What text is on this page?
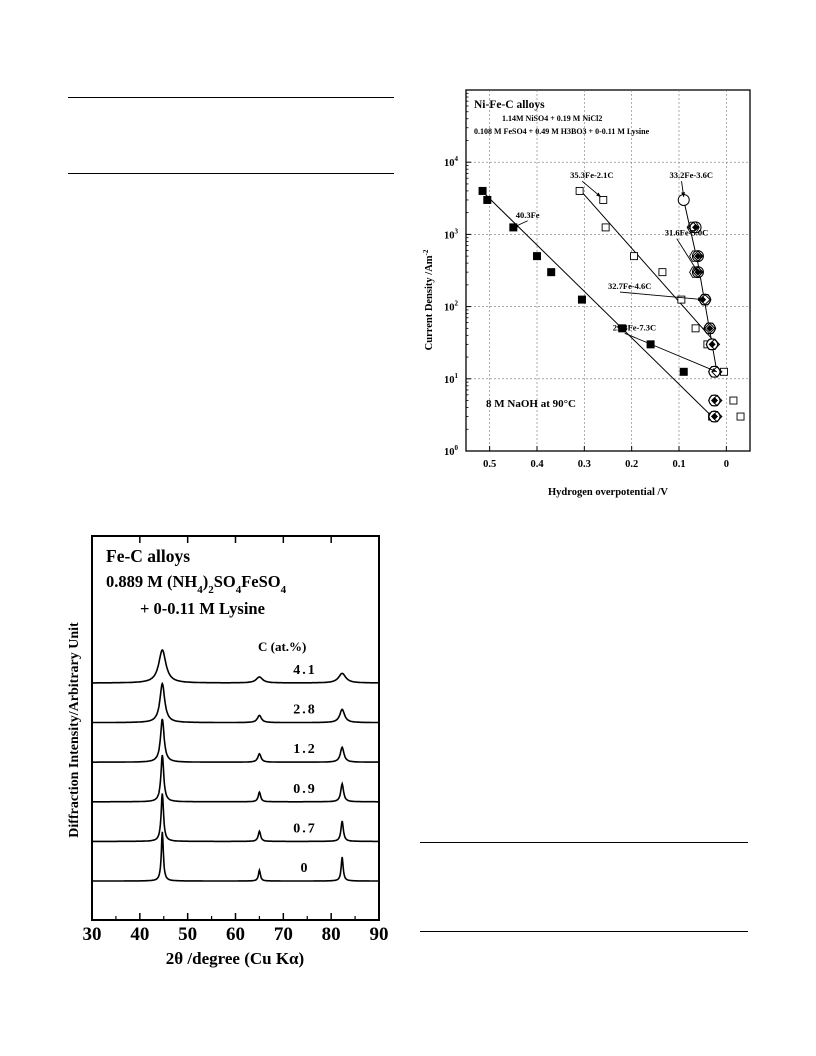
0.5	0.4	0.3	0.2	0.1	0
$10^0$
$10^1$
$10^2$
$10^3$
$10^4$
40.3Fe
35.3Fe-2.1C	33.2Fe-3.6C
31.6Fe-5.0C
32.7Fe-4.6C
29.8Fe-7.3C
Ni-Fe-C alloys
1.14M NiSO4 + 0.19 M NiCl2
0.108 M FeSO4 + 0.49 M H3BO3 + 0-0.11 M Lysine
8 M NaOH at 90°C
Hydrogen overpotential /V
Current Density $/Am^{-2}$
30 40 50 60 70 80 90
4.1
2.8
1.2
0.9
0.7
0
Fe-C alloys
0.889 M $(NH_4)_2SO_4FeSO_4$
+ 0-0.11 M Lysine
C (at.%)
2θ /degree (Cu Kα)
Diffraction Intensity/Arbitrary Unit
